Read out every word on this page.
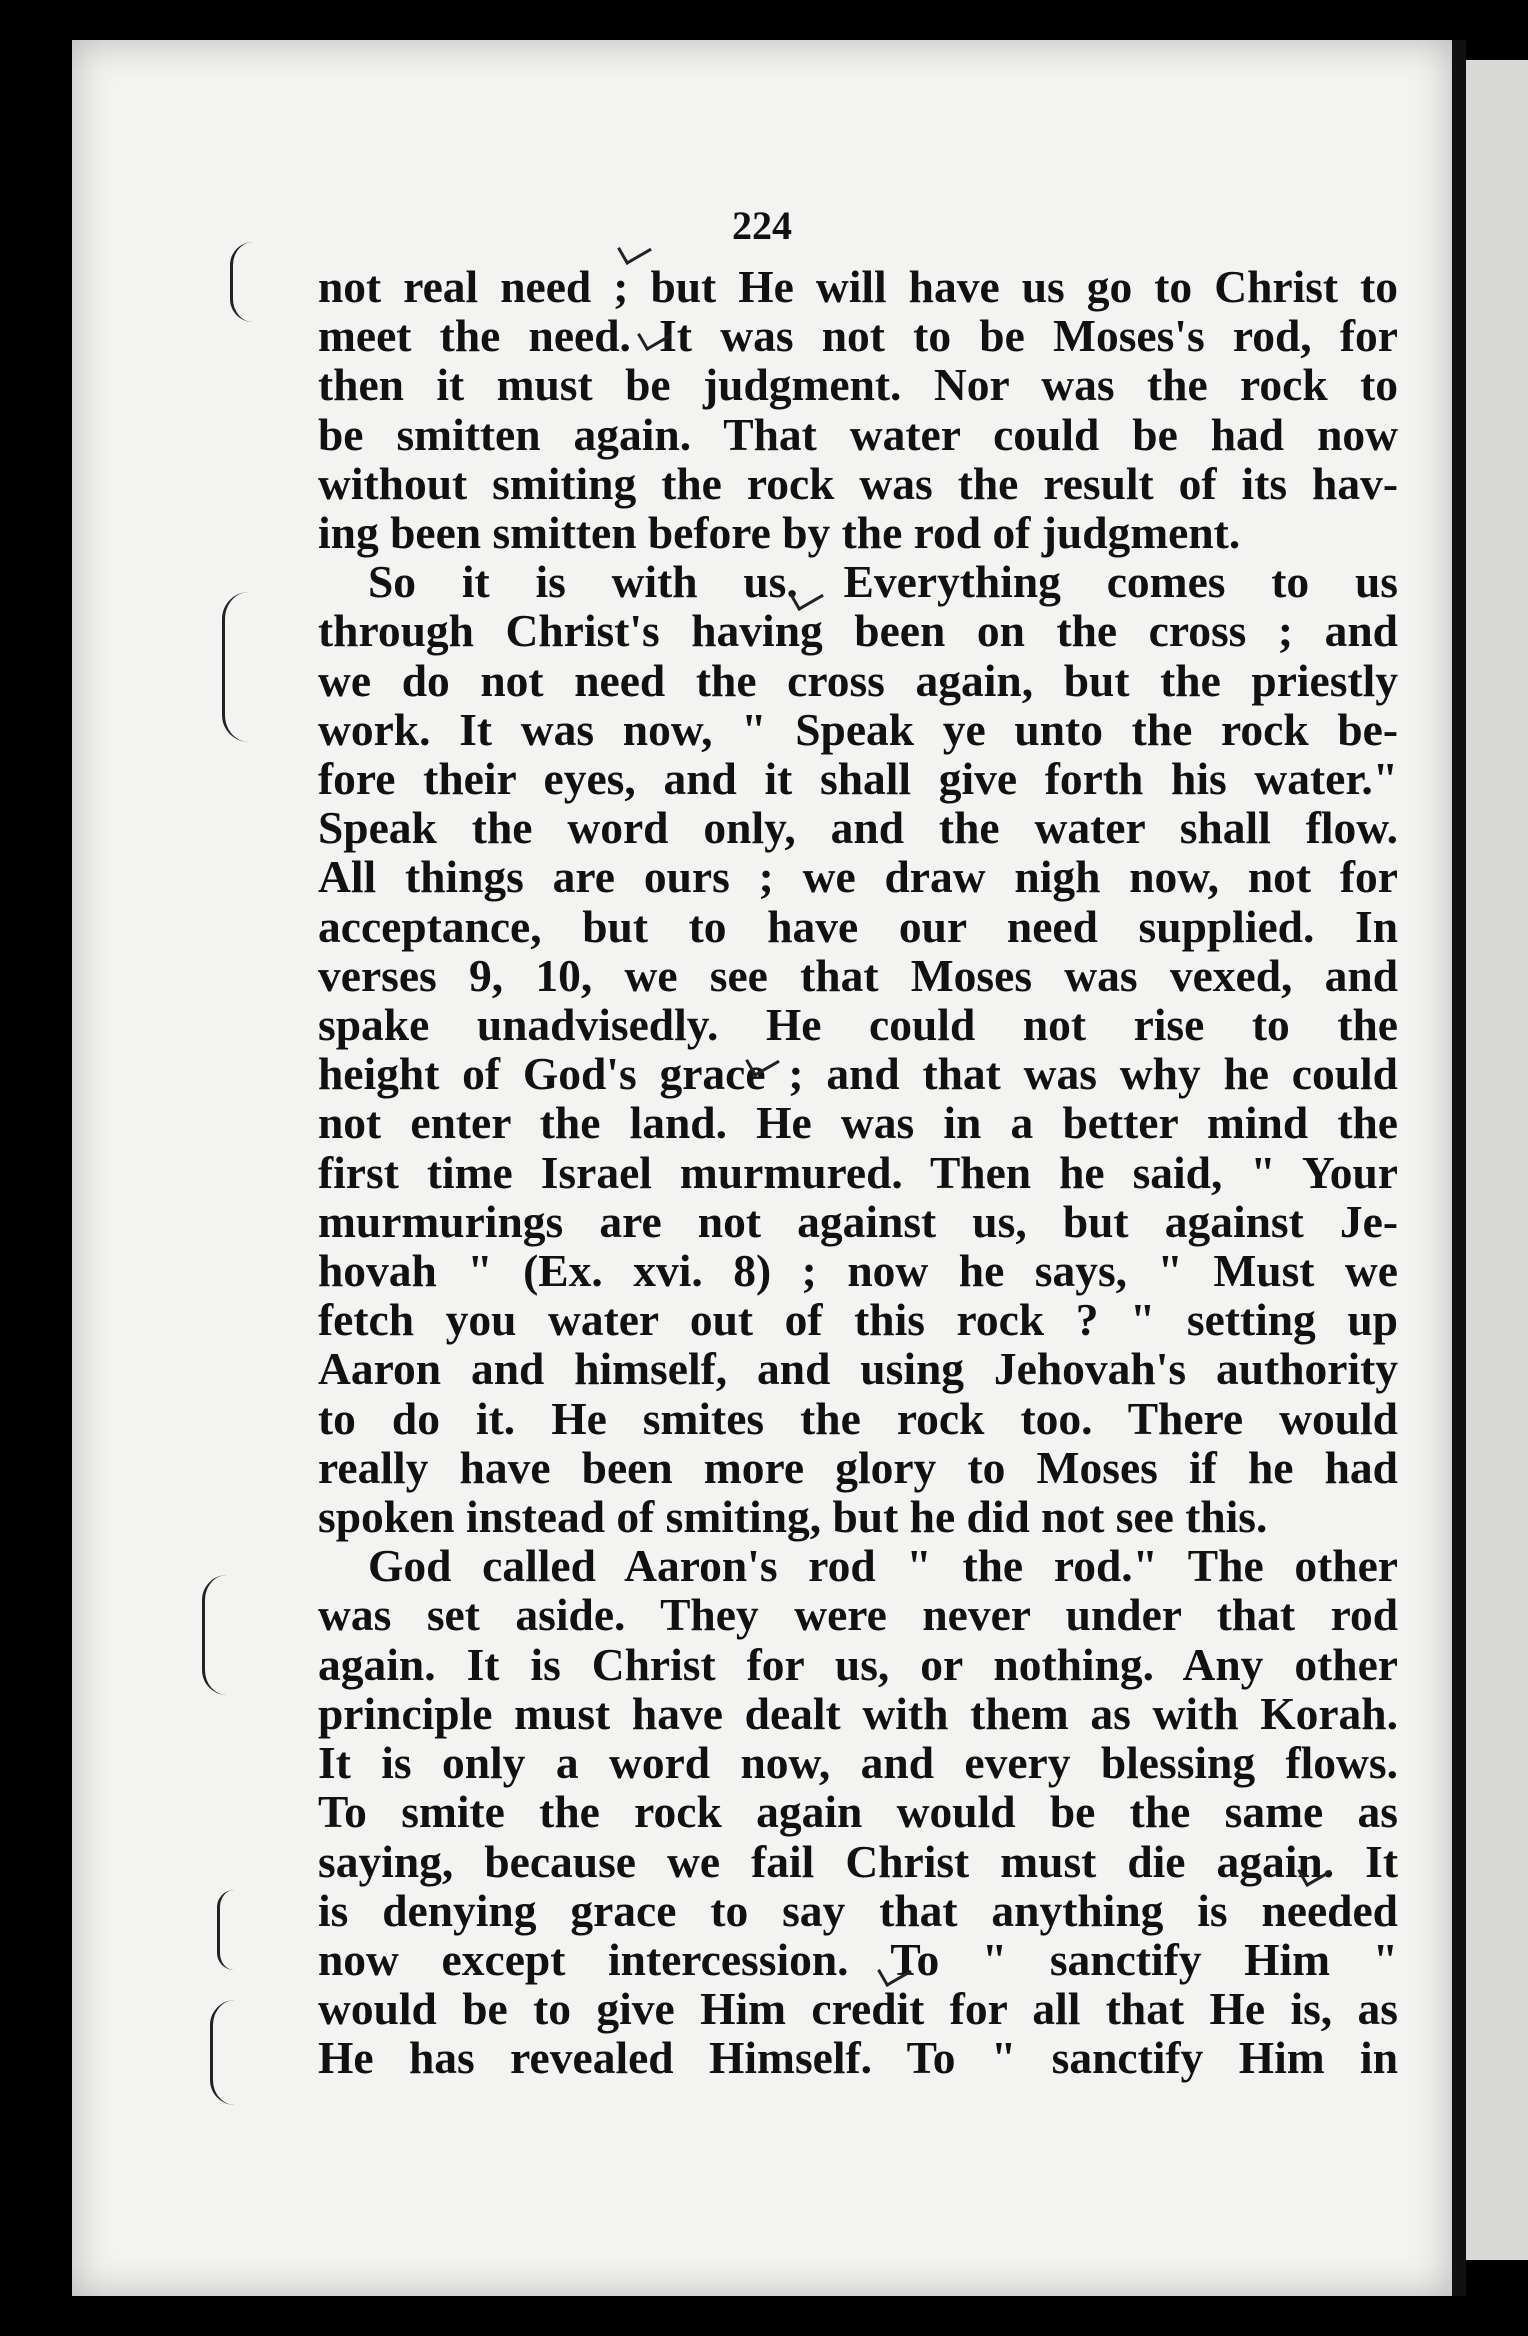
224
not real need ; but He will have us go to Christ to
meet the need. It was not to be Moses's rod, for
then it must be judgment. Nor was the rock to
be smitten again. That water could be had now
without smiting the rock was the result of its hav-
ing been smitten before by the rod of judgment.
So it is with us. Everything comes to us
through Christ's having been on the cross ; and
we do not need the cross again, but the priestly
work. It was now, " Speak ye unto the rock be-
fore their eyes, and it shall give forth his water."
Speak the word only, and the water shall flow.
All things are ours ; we draw nigh now, not for
acceptance, but to have our need supplied. In
verses 9, 10, we see that Moses was vexed, and
spake unadvisedly. He could not rise to the
height of God's grace ; and that was why he could
not enter the land. He was in a better mind the
first time Israel murmured. Then he said, " Your
murmurings are not against us, but against Je-
hovah " (Ex. xvi. 8) ; now he says, " Must we
fetch you water out of this rock ? " setting up
Aaron and himself, and using Jehovah's authority
to do it. He smites the rock too. There would
really have been more glory to Moses if he had
spoken instead of smiting, but he did not see this.
God called Aaron's rod " the rod." The other
was set aside. They were never under that rod
again. It is Christ for us, or nothing. Any other
principle must have dealt with them as with Korah.
It is only a word now, and every blessing flows.
To smite the rock again would be the same as
saying, because we fail Christ must die again. It
is denying grace to say that anything is needed
now except intercession. To " sanctify Him "
would be to give Him credit for all that He is, as
He has revealed Himself. To " sanctify Him in
